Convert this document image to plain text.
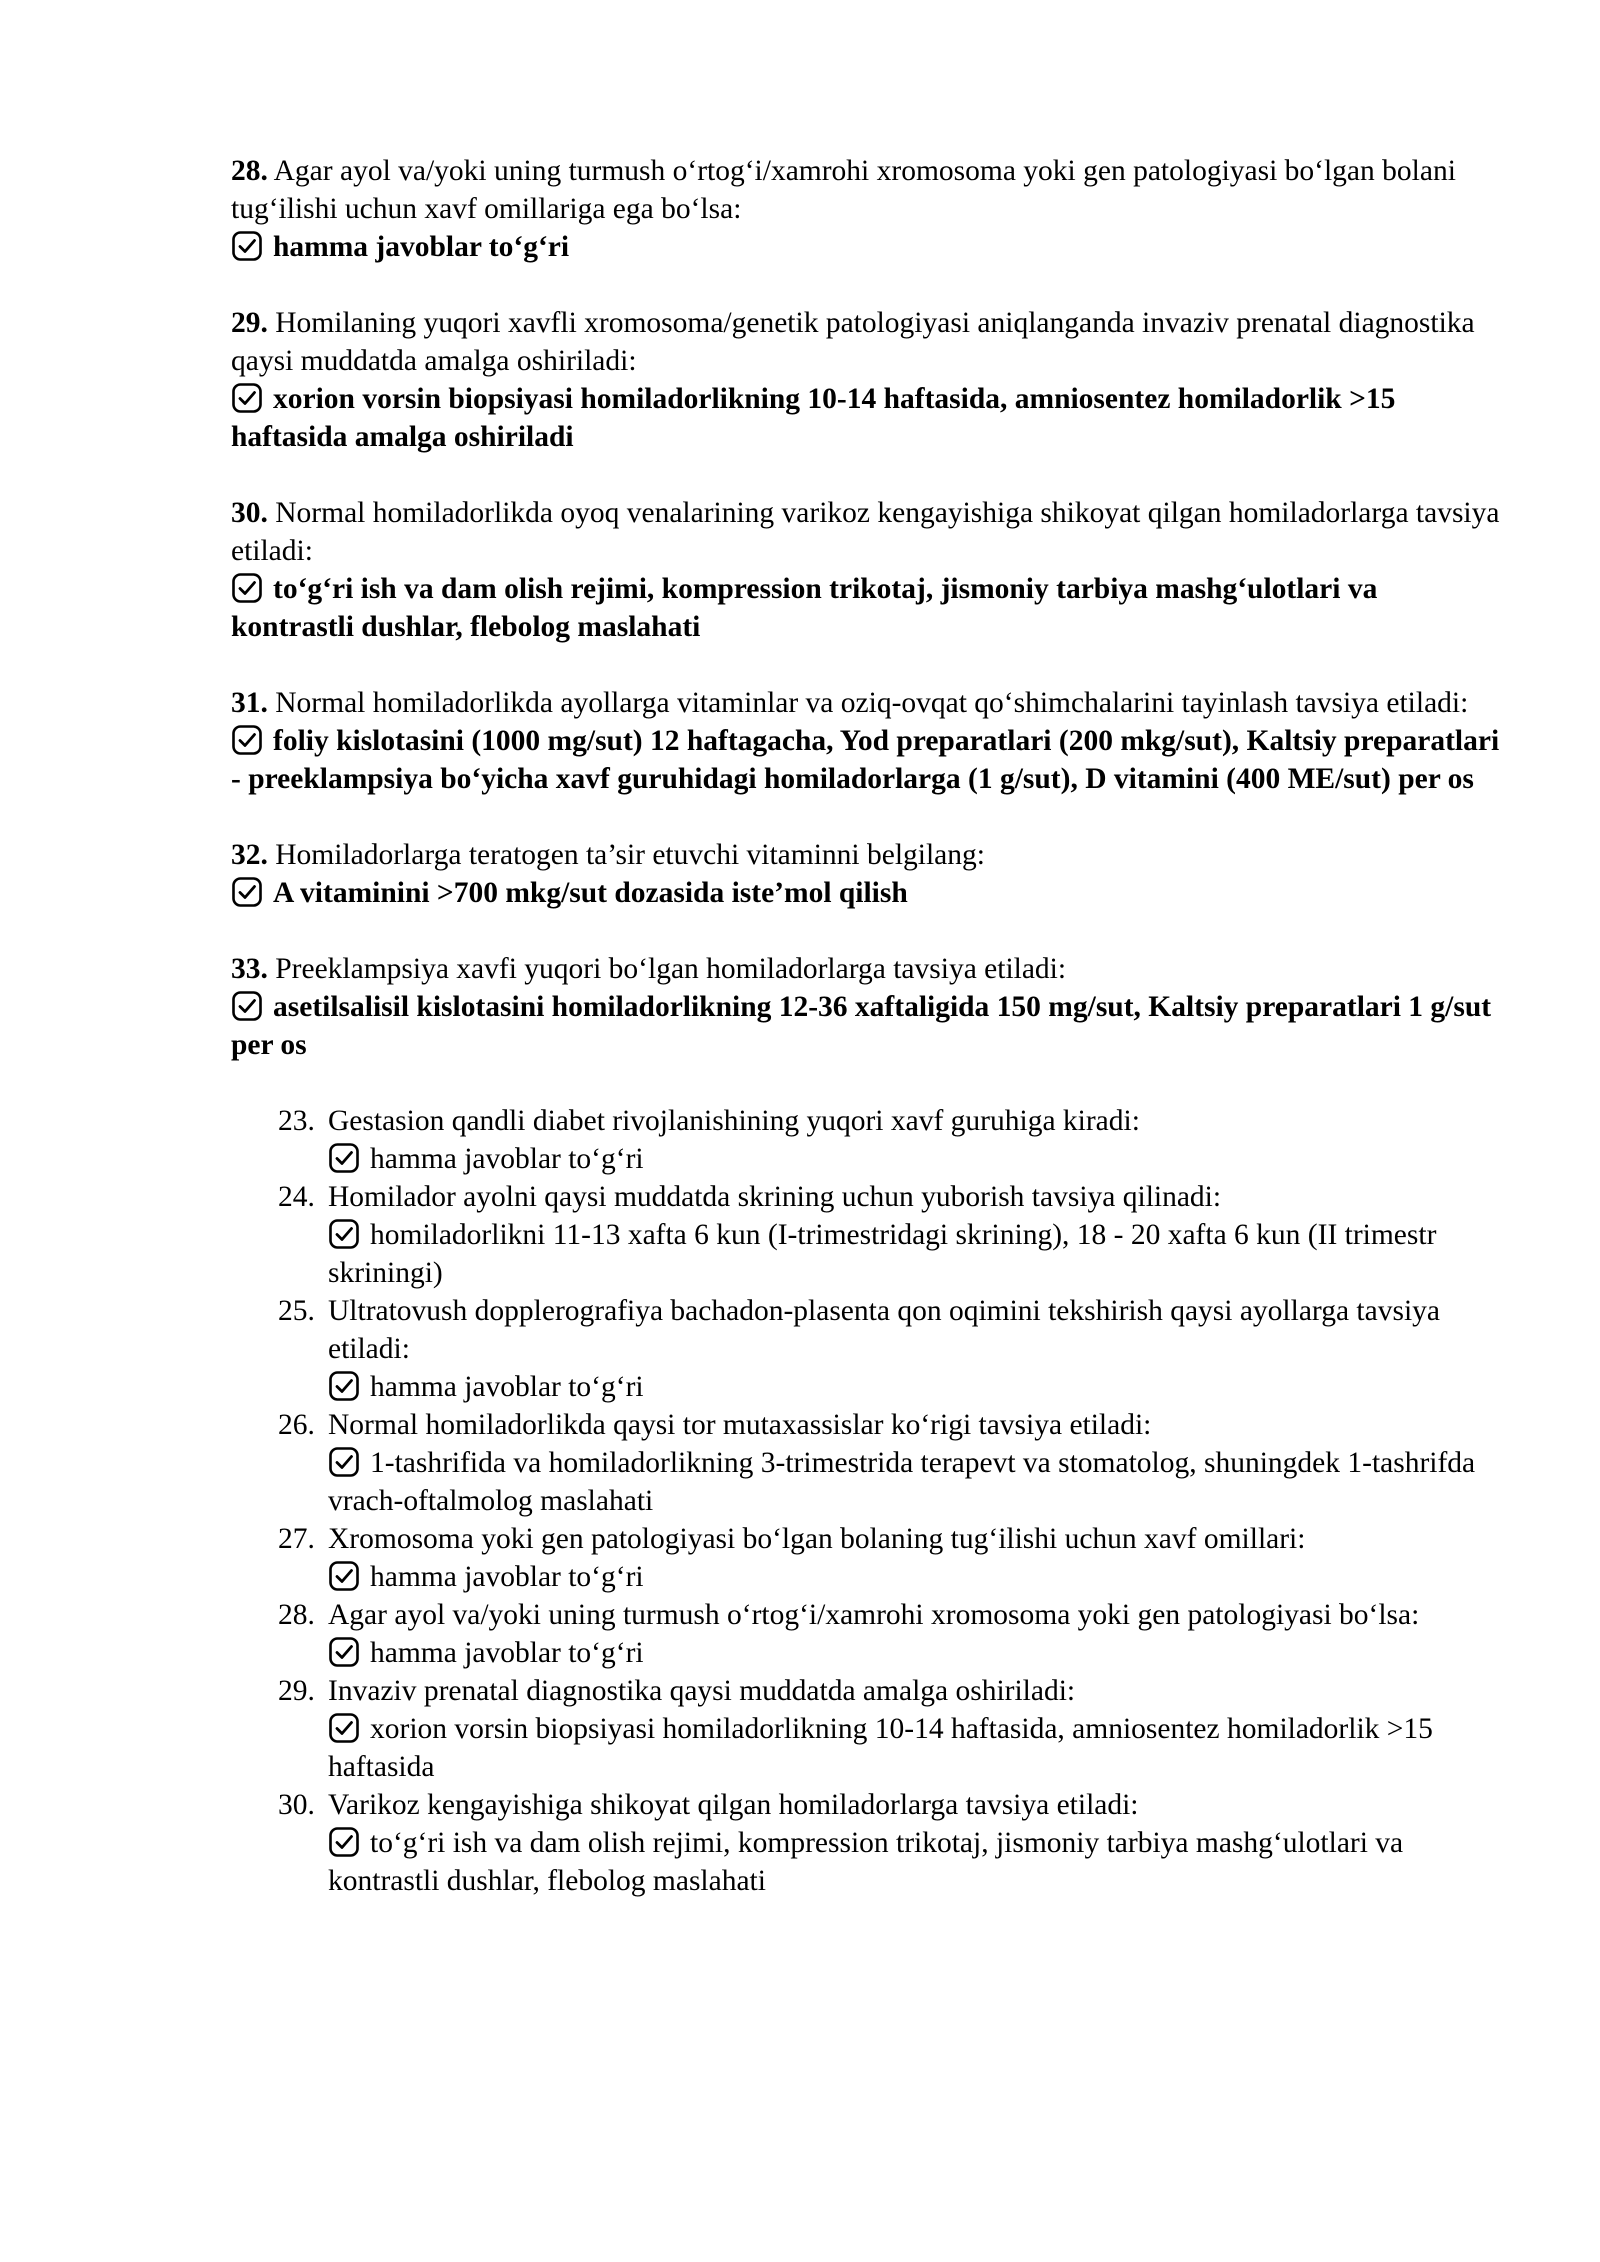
28. Agar ayol va/yoki uning turmush o‘rtog‘i/xamrohi xromosoma yoki gen patologiyasi bo‘lgan bolani tug‘ilishi uchun xavf omillariga ega bo‘lsa:

hamma javoblar to‘g‘ri

29. Homilaning yuqori xavfli xromosoma/genetik patologiyasi aniqlanganda invaziv prenatal diagnostika qaysi muddatda amalga oshiriladi:

xorion vorsin biopsiyasi homiladorlikning 10-14 haftasida, amniosentez homiladorlik >15 haftasida amalga oshiriladi

30. Normal homiladorlikda oyoq venalarining varikoz kengayishiga shikoyat qilgan homiladorlarga tavsiya etiladi:

to‘g‘ri ish va dam olish rejimi, kompression trikotaj, jismoniy tarbiya mashg‘ulotlari va kontrastli dushlar, flebolog maslahati

31. Normal homiladorlikda ayollarga vitaminlar va oziq-ovqat qo‘shimchalarini tayinlash tavsiya etiladi:

foliy kislotasini (1000 mg/sut) 12 haftagacha, Yod preparatlari (200 mkg/sut), Kaltsiy preparatlari - preeklampsiya bo‘yicha xavf guruhidagi homiladorlarga (1 g/sut), D vitamini (400 ME/sut) per os

32. Homiladorlarga teratogen ta’sir etuvchi vitaminni belgilang:

A vitaminini >700 mkg/sut dozasida iste’mol qilish

33. Preeklampsiya xavfi yuqori bo‘lgan homiladorlarga tavsiya etiladi:

asetilsalisil kislotasini homiladorlikning 12-36 xaftaligida 150 mg/sut, Kaltsiy preparatlari 1 g/sut per os

23. Gestasion qandli diabet rivojlanishining yuqori xavf guruhiga kiradi:
hamma javoblar to‘g‘ri
24. Homilador ayolni qaysi muddatda skrining uchun yuborish tavsiya qilinadi:
homiladorlikni 11-13 xafta 6 kun (I-trimestridagi skrining), 18 - 20 xafta 6 kun (II trimestr skriningi)
25. Ultratovush dopplerografiya bachadon-plasenta qon oqimini tekshirish qaysi ayollarga tavsiya etiladi:
hamma javoblar to‘g‘ri
26. Normal homiladorlikda qaysi tor mutaxassislar ko‘rigi tavsiya etiladi:
1-tashrifida va homiladorlikning 3-trimestrida terapevt va stomatolog, shuningdek 1-tashrifda vrach-oftalmolog maslahati
27. Xromosoma yoki gen patologiyasi bo‘lgan bolaning tug‘ilishi uchun xavf omillari:
hamma javoblar to‘g‘ri
28. Agar ayol va/yoki uning turmush o‘rtog‘i/xamrohi xromosoma yoki gen patologiyasi bo‘lsa:
hamma javoblar to‘g‘ri
29. Invaziv prenatal diagnostika qaysi muddatda amalga oshiriladi:
xorion vorsin biopsiyasi homiladorlikning 10-14 haftasida, amniosentez homiladorlik >15 haftasida
30. Varikoz kengayishiga shikoyat qilgan homiladorlarga tavsiya etiladi:
to‘g‘ri ish va dam olish rejimi, kompression trikotaj, jismoniy tarbiya mashg‘ulotlari va kontrastli dushlar, flebolog maslahati
